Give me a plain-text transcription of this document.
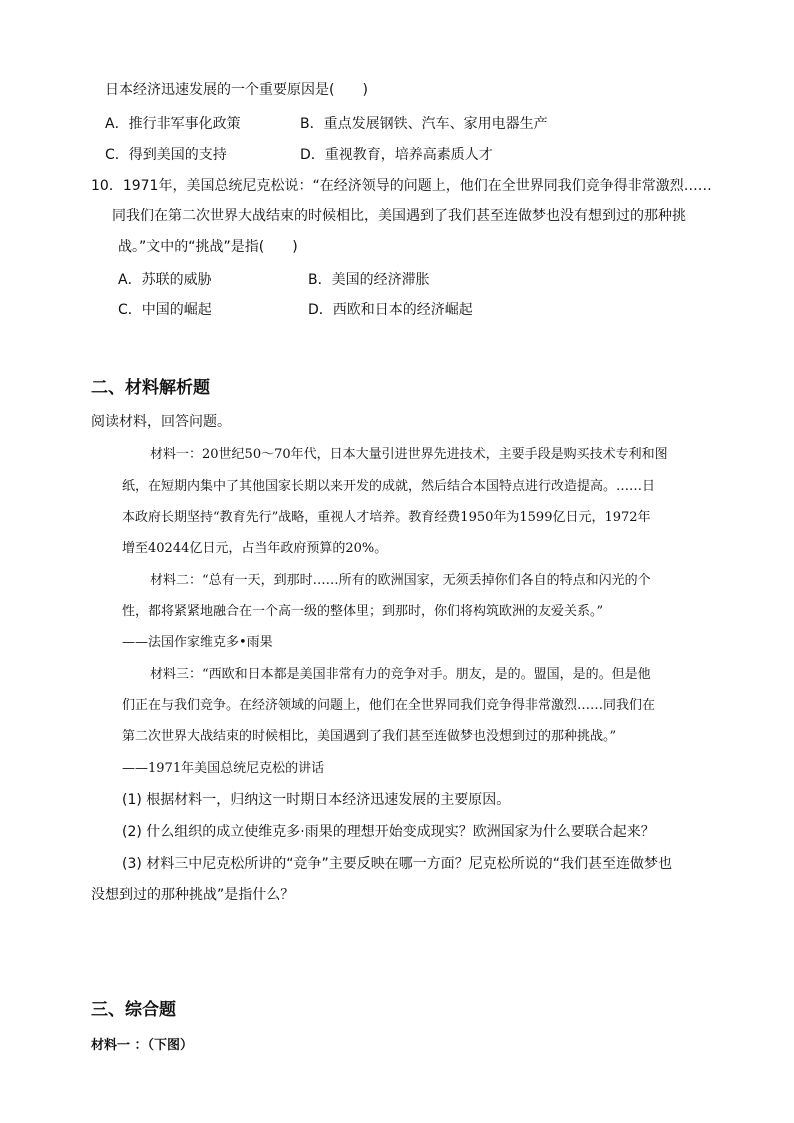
日本经济迅速发展的一个重要原因是(　　)
A．推行非军事化政策	B．重点发展钢铁、汽车、家用电器生产
C．得到美国的支持	D．重视教育，培养高素质人才
10．1971年，美国总统尼克松说：“在经济领导的问题上，他们在全世界同我们竞争得非常激烈……
同我们在第二次世界大战结束的时候相比，美国遇到了我们甚至连做梦也没有想到过的那种挑
战。”文中的“挑战”是指(　　)
A．苏联的威胁	B．美国的经济滞胀
C．中国的崛起	D．西欧和日本的经济崛起
二、材料解析题
阅读材料，回答问题。
材料一：20世纪50～70年代，日本大量引进世界先进技术，主要手段是购买技术专利和图
纸，在短期内集中了其他国家长期以来开发的成就，然后结合本国特点进行改造提高。……日
本政府长期坚持“教育先行”战略，重视人才培养。教育经费1950年为1599亿日元，1972年
增至40244亿日元，占当年政府预算的20%。
材料二：“总有一天，到那时……所有的欧洲国家，无须丢掉你们各自的特点和闪光的个
性，都将紧紧地融合在一个高一级的整体里；到那时，你们将构筑欧洲的友爱关系。”
——法国作家维克多•雨果
材料三：“西欧和日本都是美国非常有力的竞争对手。朋友，是的。盟国，是的。但是他
们正在与我们竞争。在经济领域的问题上，他们在全世界同我们竞争得非常激烈……同我们在
第二次世界大战结束的时候相比，美国遇到了我们甚至连做梦也没想到过的那种挑战。”
——1971年美国总统尼克松的讲话
(1) 根据材料一，归纳这一时期日本经济迅速发展的主要原因。
(2) 什么组织的成立使维克多·雨果的理想开始变成现实？欧洲国家为什么要联合起来？
(3) 材料三中尼克松所讲的“竞争”主要反映在哪一方面？尼克松所说的“我们甚至连做梦也
没想到过的那种挑战”是指什么？
三、综合题
材料一 ：（下图）
